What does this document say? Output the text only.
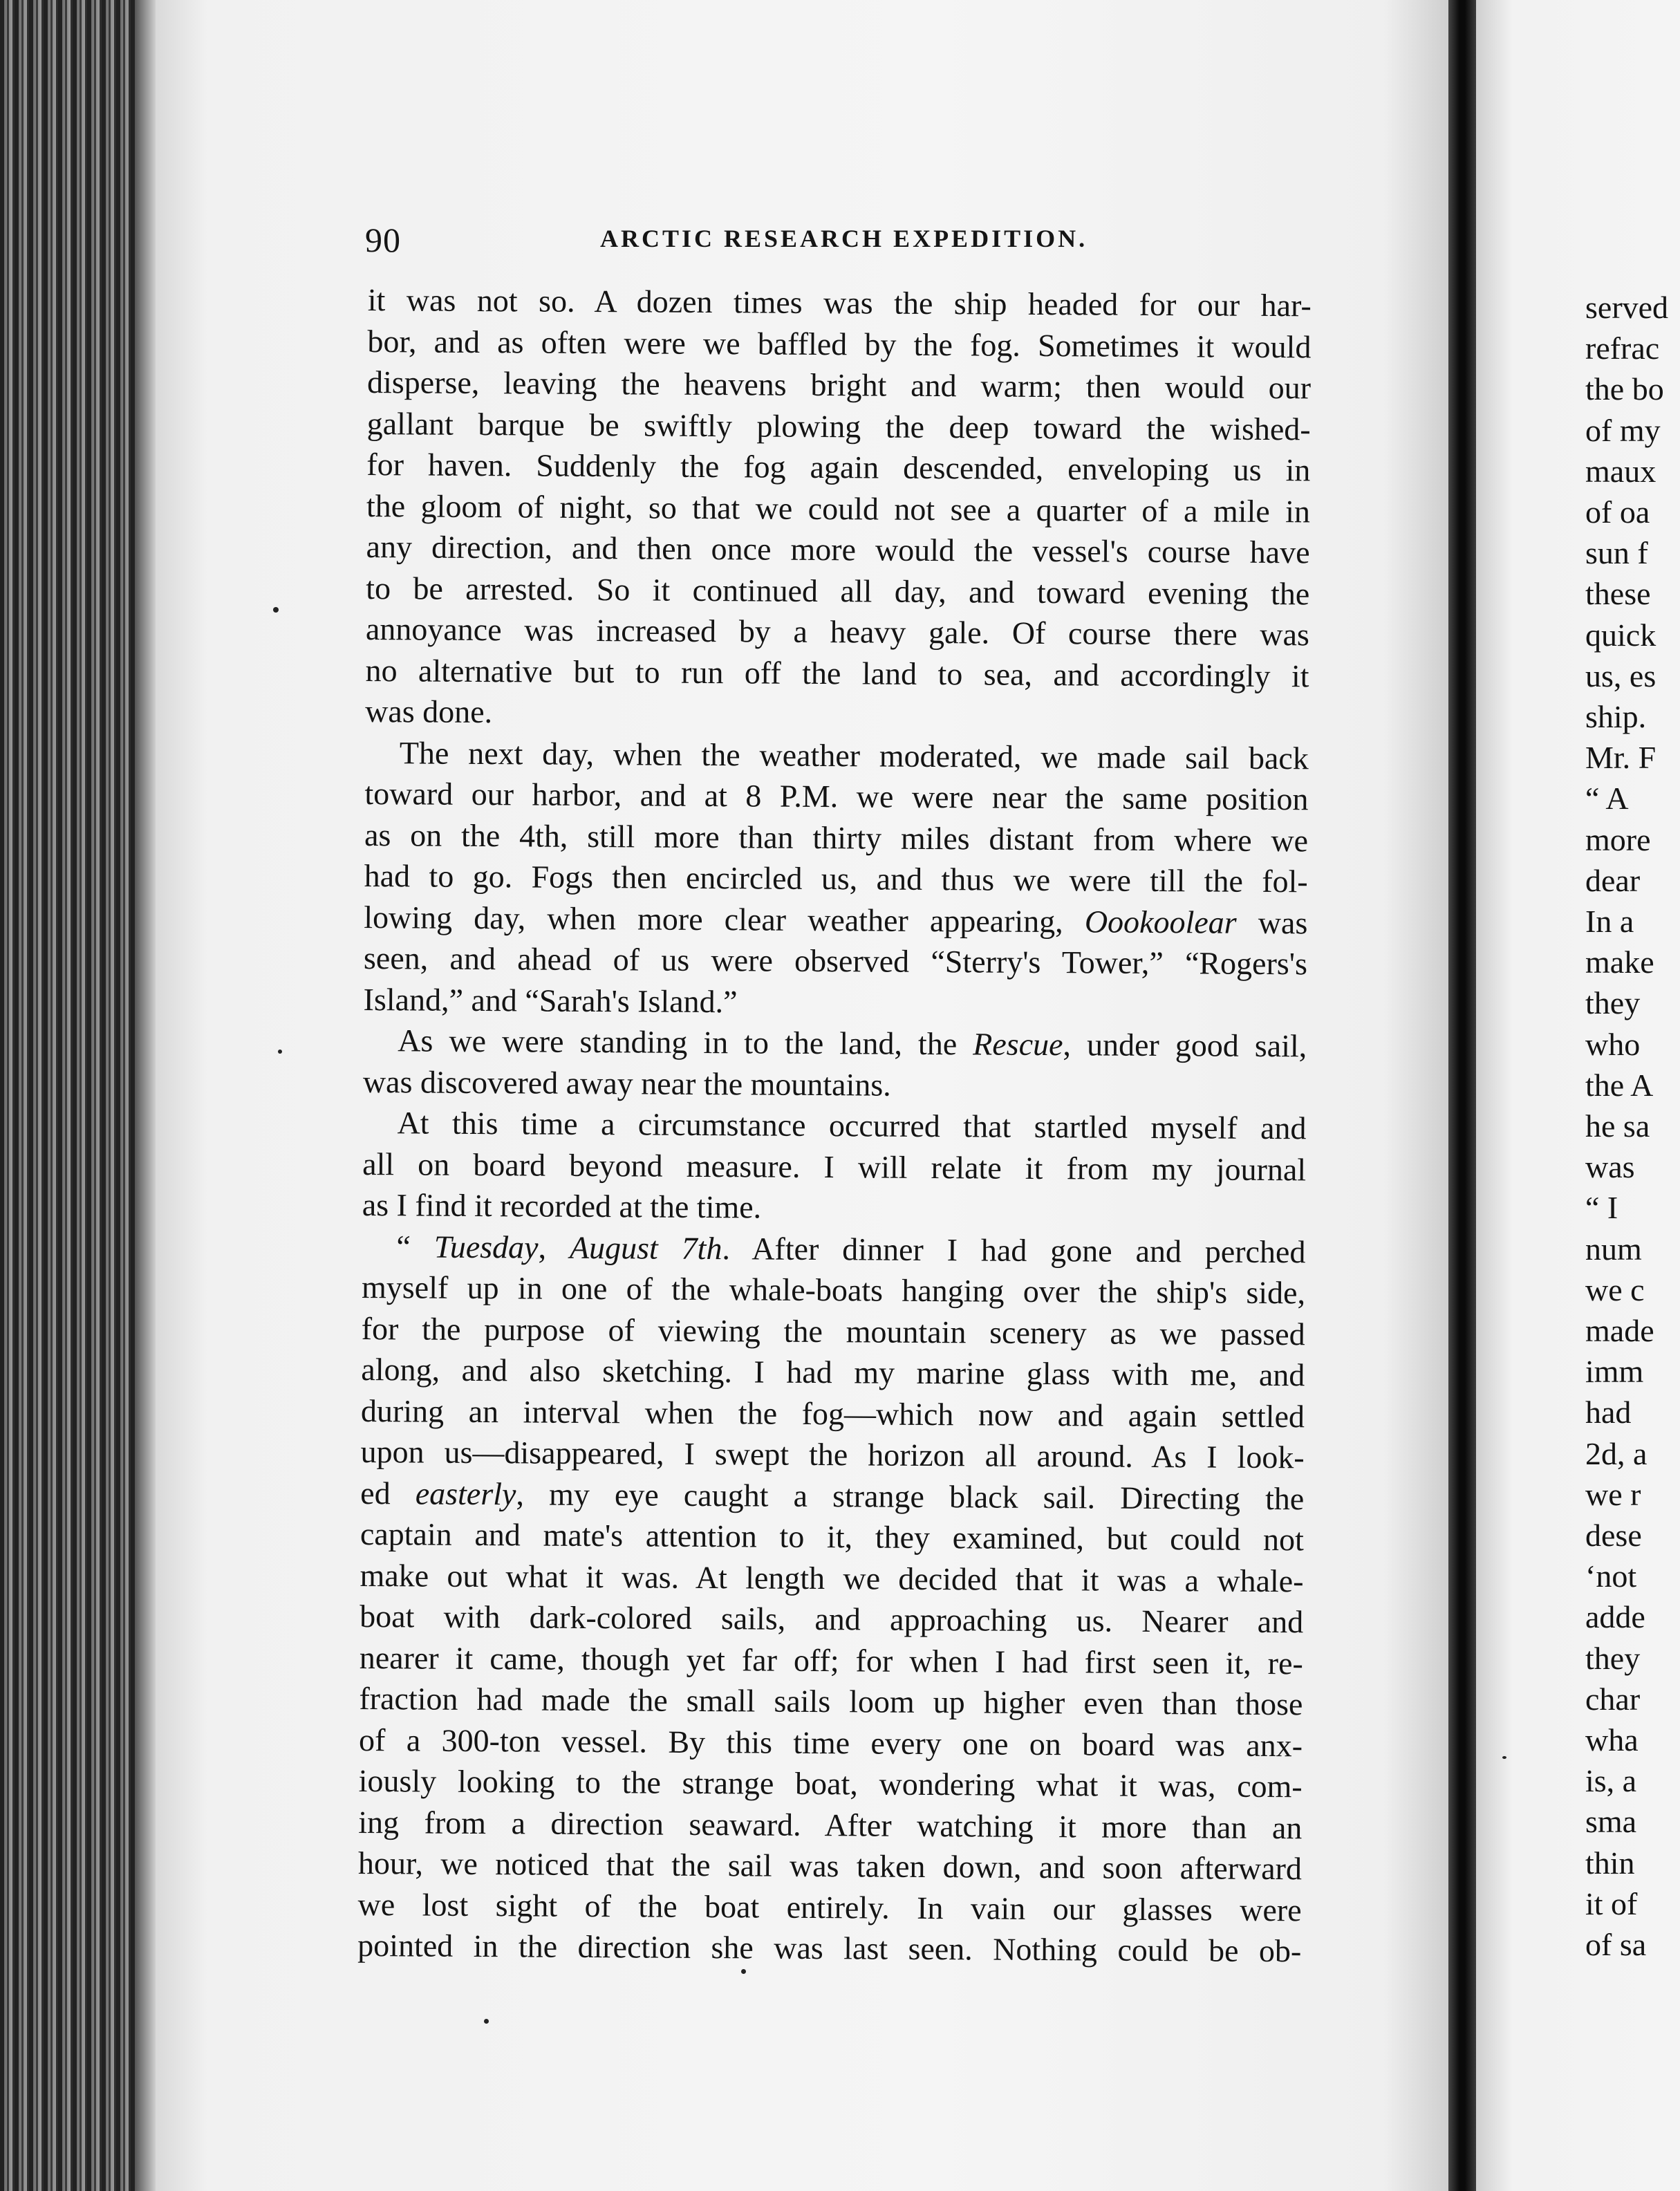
served
refrac
the bo
of my
maux
of oa
sun f
these
quick
us, es
ship.
Mr. F
“ A
more
dear
In a
make
they
who
the A
he sa
was
“ I
num
we c
made
imm
had
2d, a
we r
dese
‘not
adde
they
char
wha
is, a
sma
thin
it of
of sa
90	ARCTIC RESEARCH EXPEDITION.
it was not so. A dozen times was the ship headed for our har-
bor, and as often were we baffled by the fog. Sometimes it would
disperse, leaving the heavens bright and warm; then would our
gallant barque be swiftly plowing the deep toward the wished-
for haven. Suddenly the fog again descended, enveloping us in
the gloom of night, so that we could not see a quarter of a mile in
any direction, and then once more would the vessel's course have
to be arrested. So it continued all day, and toward evening the
annoyance was increased by a heavy gale. Of course there was
no alternative but to run off the land to sea, and accordingly it
was done.
The next day, when the weather moderated, we made sail back
toward our harbor, and at 8 P.M. we were near the same position
as on the 4th, still more than thirty miles distant from where we
had to go. Fogs then encircled us, and thus we were till the fol-
lowing day, when more clear weather appearing, Oookoolear was
seen, and ahead of us were observed “Sterry's Tower,” “Rogers's
Island,” and “Sarah's Island.”
As we were standing in to the land, the Rescue, under good sail,
was discovered away near the mountains.
At this time a circumstance occurred that startled myself and
all on board beyond measure. I will relate it from my journal
as I find it recorded at the time.
“ Tuesday, August 7th. After dinner I had gone and perched
myself up in one of the whale-boats hanging over the ship's side,
for the purpose of viewing the mountain scenery as we passed
along, and also sketching. I had my marine glass with me, and
during an interval when the fog—which now and again settled
upon us—disappeared, I swept the horizon all around. As I look-
ed easterly, my eye caught a strange black sail. Directing the
captain and mate's attention to it, they examined, but could not
make out what it was. At length we decided that it was a whale-
boat with dark-colored sails, and approaching us. Nearer and
nearer it came, though yet far off; for when I had first seen it, re-
fraction had made the small sails loom up higher even than those
of a 300-ton vessel. By this time every one on board was anx-
iously looking to the strange boat, wondering what it was, com-
ing from a direction seaward. After watching it more than an
hour, we noticed that the sail was taken down, and soon afterward
we lost sight of the boat entirely. In vain our glasses were
pointed in the direction she was last seen. Nothing could be ob-
